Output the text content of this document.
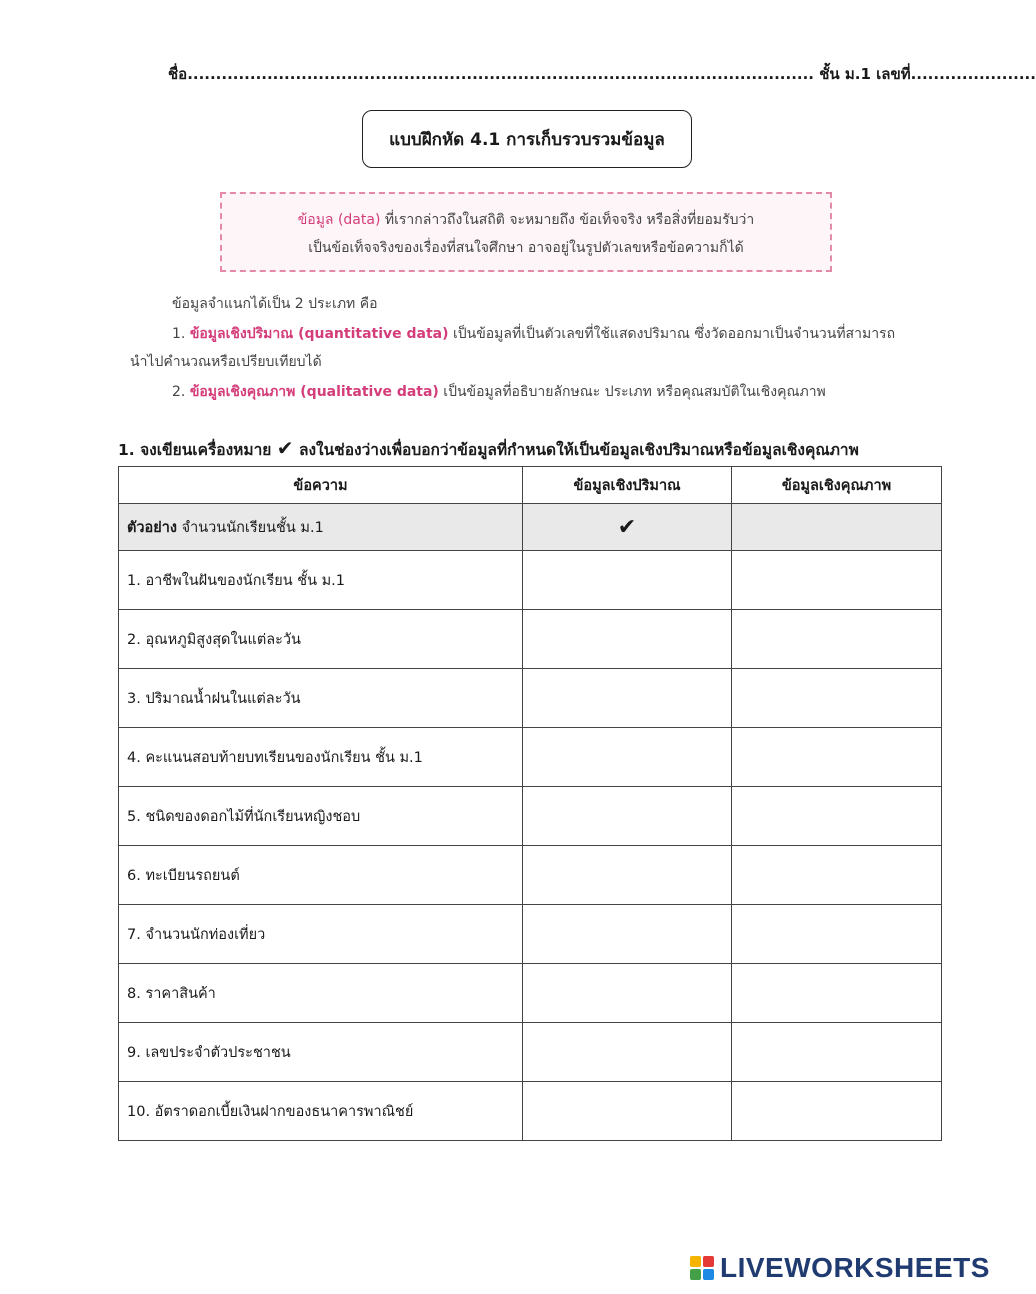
ชื่อ.............................................................................................................. ชั้น ม.1 เลขที่......................
แบบฝึกหัด 4.1 การเก็บรวบรวมข้อมูล
ข้อมูล (data) ที่เรากล่าวถึงในสถิติ จะหมายถึง ข้อเท็จจริง หรือสิ่งที่ยอมรับว่า
เป็นข้อเท็จจริงของเรื่องที่สนใจศึกษา อาจอยู่ในรูปตัวเลขหรือข้อความก็ได้
ข้อมูลจำแนกได้เป็น 2 ประเภท คือ
1. ข้อมูลเชิงปริมาณ (quantitative data) เป็นข้อมูลที่เป็นตัวเลขที่ใช้แสดงปริมาณ ซึ่งวัดออกมาเป็นจำนวนที่สามารถ
นำไปคำนวณหรือเปรียบเทียบได้
2. ข้อมูลเชิงคุณภาพ (qualitative data) เป็นข้อมูลที่อธิบายลักษณะ ประเภท หรือคุณสมบัติในเชิงคุณภาพ
1. จงเขียนเครื่องหมาย ✔ ลงในช่องว่างเพื่อบอกว่าข้อมูลที่กำหนดให้เป็นข้อมูลเชิงปริมาณหรือข้อมูลเชิงคุณภาพ
ข้อความ	ข้อมูลเชิงปริมาณ	ข้อมูลเชิงคุณภาพ
ตัวอย่าง จำนวนนักเรียนชั้น ม.1	✔	
1. อาชีพในฝันของนักเรียน ชั้น ม.1		
2. อุณหภูมิสูงสุดในแต่ละวัน		
3. ปริมาณน้ำฝนในแต่ละวัน		
4. คะแนนสอบท้ายบทเรียนของนักเรียน ชั้น ม.1		
5. ชนิดของดอกไม้ที่นักเรียนหญิงชอบ		
6. ทะเบียนรถยนต์		
7. จำนวนนักท่องเที่ยว		
8. ราคาสินค้า		
9. เลขประจำตัวประชาชน		
10. อัตราดอกเบี้ยเงินฝากของธนาคารพาณิชย์		
LIVEWORKSHEETS
